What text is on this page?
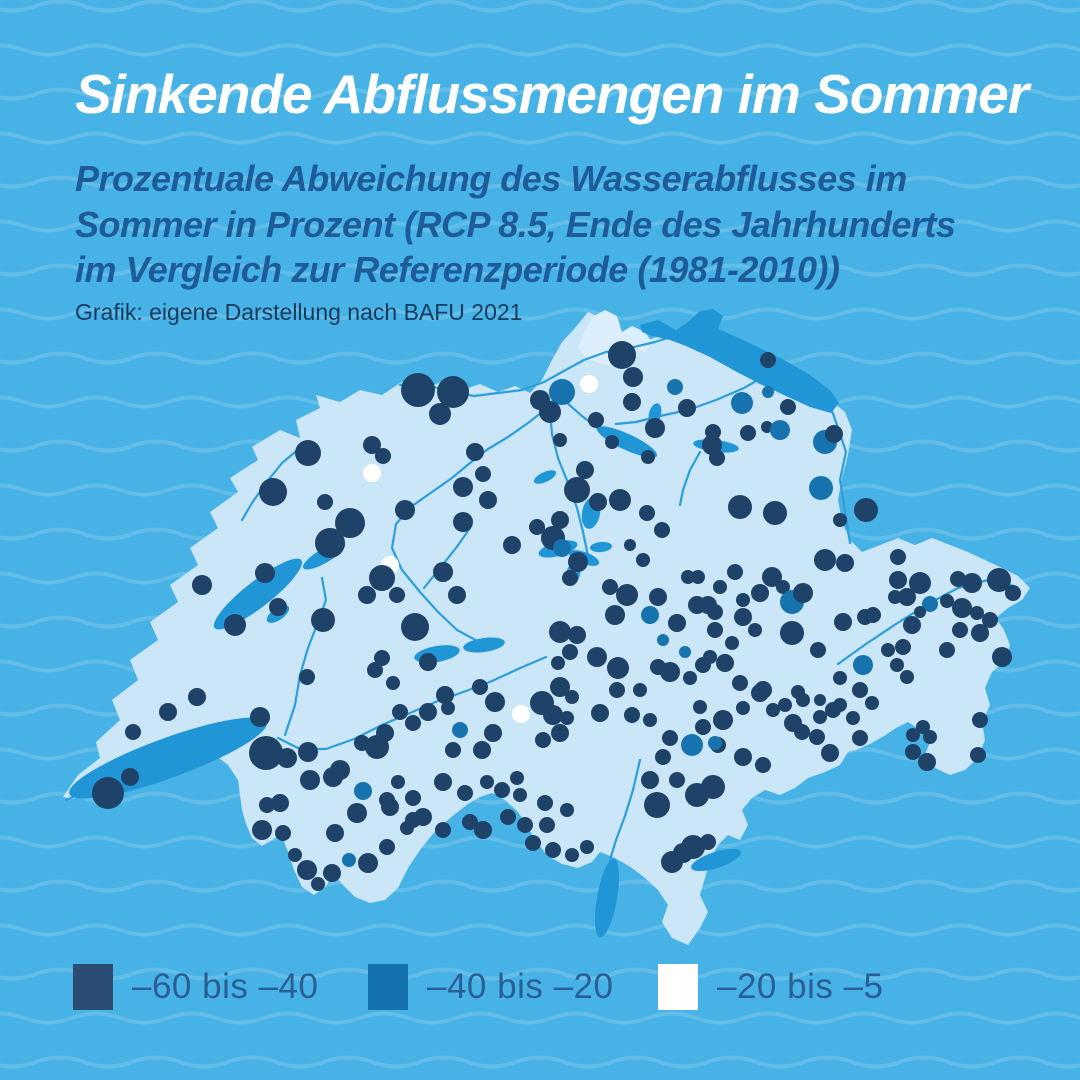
Sinkende Abflussmengen im Sommer
Prozentuale Abweichung des Wasserabflusses im Sommer in Prozent (RCP 8.5, Ende des Jahrhunderts im Vergleich zur Referenzperiode (1981-2010))
Grafik: eigene Darstellung nach BAFU 2021
–60 bis –40	–40 bis –20	–20 bis –5
